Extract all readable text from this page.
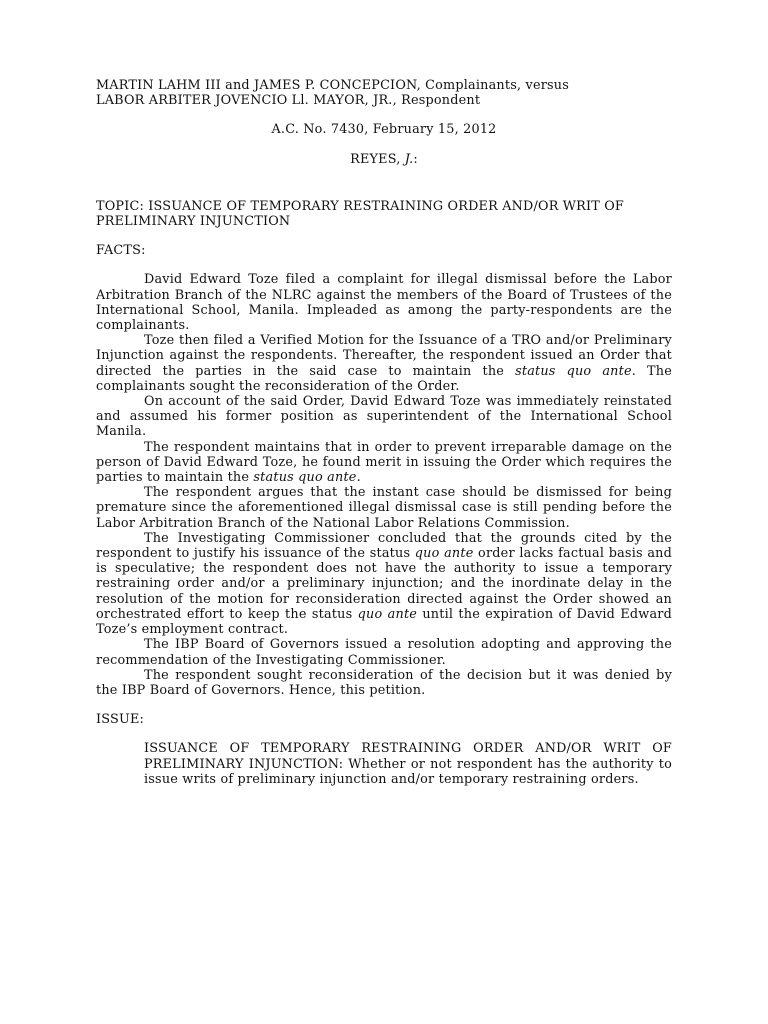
MARTIN LAHM III and JAMES P. CONCEPCION, Complainants, versus
LABOR ARBITER JOVENCIO Ll. MAYOR, JR., Respondent
A.C. No. 7430, February 15, 2012
REYES, J.:
TOPIC: ISSUANCE OF TEMPORARY RESTRAINING ORDER AND/OR WRIT OF PRELIMINARY INJUNCTION
FACTS:

David Edward Toze filed a complaint for illegal dismissal before the Labor Arbitration Branch of the NLRC against the members of the Board of Trustees of the International School, Manila. Impleaded as among the party-respondents are the complainants.

Toze then filed a Verified Motion for the Issuance of a TRO and/or Preliminary Injunction against the respondents. Thereafter, the respondent issued an Order that directed the parties in the said case to maintain the status quo ante. The complainants sought the reconsideration of the Order.

On account of the said Order, David Edward Toze was immediately reinstated and assumed his former position as superintendent of the International School Manila.

The respondent maintains that in order to prevent irreparable damage on the person of David Edward Toze, he found merit in issuing the Order which requires the parties to maintain the status quo ante.

The respondent argues that the instant case should be dismissed for being premature since the aforementioned illegal dismissal case is still pending before the Labor Arbitration Branch of the National Labor Relations Commission.

The Investigating Commissioner concluded that the grounds cited by the respondent to justify his issuance of the status quo ante order lacks factual basis and is speculative; the respondent does not have the authority to issue a temporary restraining order and/or a preliminary injunction; and the inordinate delay in the resolution of the motion for reconsideration directed against the Order showed an orchestrated effort to keep the status quo ante until the expiration of David Edward Toze’s employment contract.

The IBP Board of Governors issued a resolution adopting and approving the recommendation of the Investigating Commissioner.

The respondent sought reconsideration of the decision but it was denied by the IBP Board of Governors. Hence, this petition.

ISSUE:
ISSUANCE OF TEMPORARY RESTRAINING ORDER AND/OR WRIT OF PRELIMINARY INJUNCTION: Whether or not respondent has the authority to issue writs of preliminary injunction and/or temporary restraining orders.
